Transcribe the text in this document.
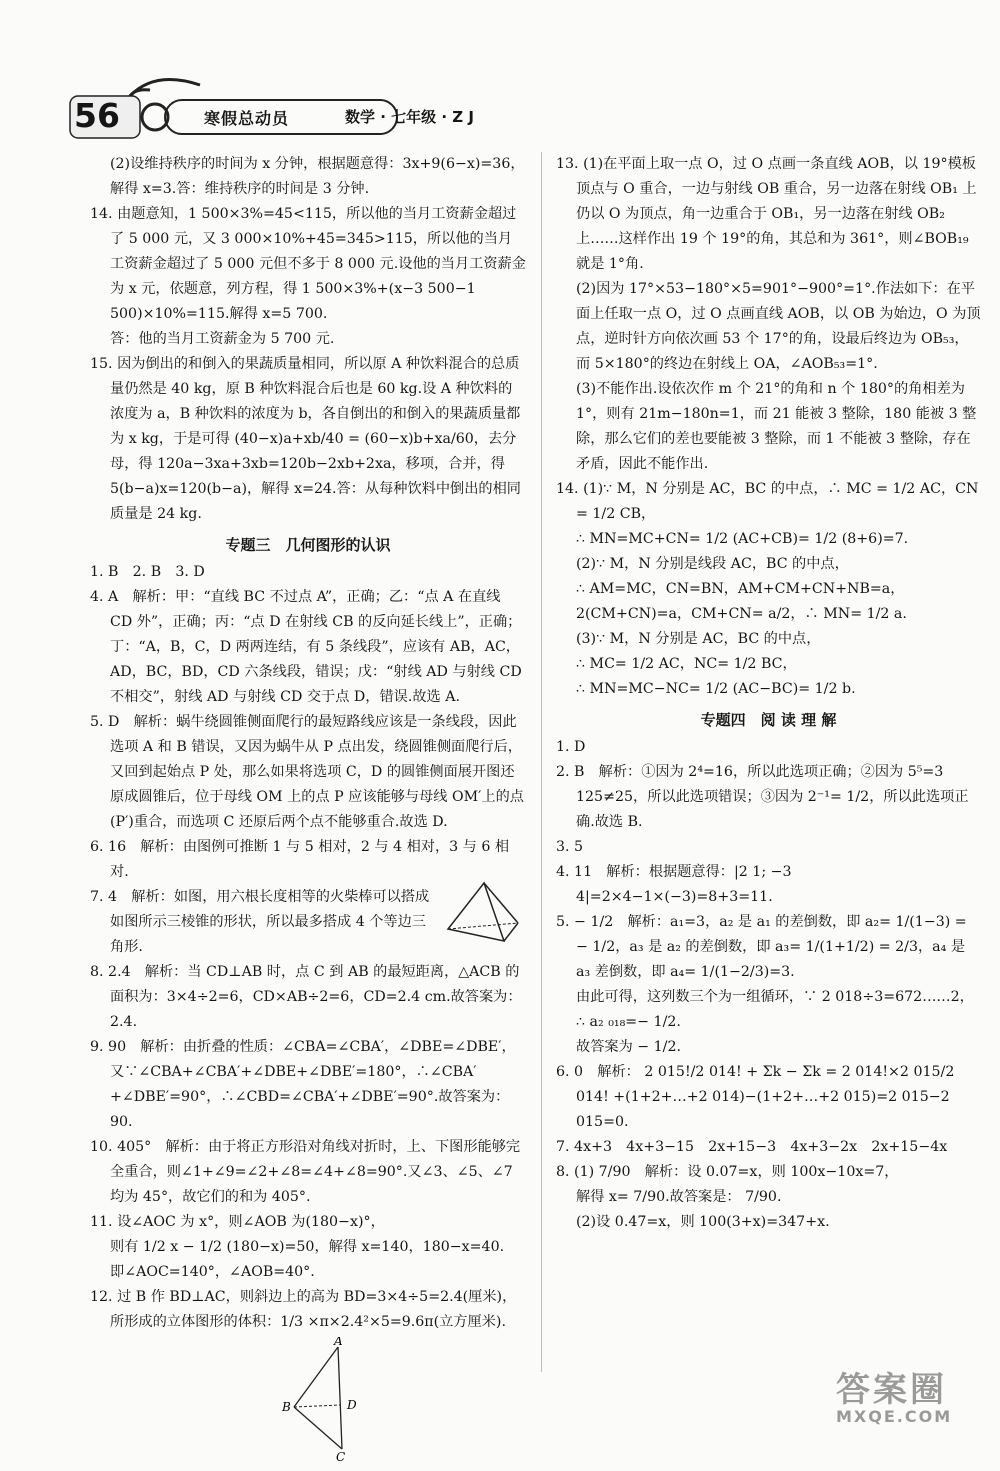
56	寒假总动员	数学 · 七年级 · Z J

(2)设维持秩序的时间为 x 分钟，根据题意得：3x+9(6−x)=36，解得 x=3.答：维持秩序的时间是 3 分钟.

14. 由题意知，1 500×3%=45<115，所以他的当月工资薪金超过了 5 000 元，又 3 000×10%+45=345>115，所以他的当月工资薪金超过了 5 000 元但不多于 8 000 元.设他的当月工资薪金为 x 元，依题意，列方程，得 1 500×3%+(x−3 500−1 500)×10%=115.解得 x=5 700.

答：他的当月工资薪金为 5 700 元.

15. 因为倒出的和倒入的果蔬质量相同，所以原 A 种饮料混合的总质量仍然是 40 kg，原 B 种饮料混合后也是 60 kg.设 A 种饮料的浓度为 a，B 种饮料的浓度为 b，各自倒出的和倒入的果蔬质量都为 x kg，于是可得 (40−x)a+xb/40 = (60−x)b+xa/60，去分母，得 120a−3xa+3xb=120b−2xb+2xa，移项，合并，得5(b−a)x=120(b−a)，解得 x=24.答：从每种饮料中倒出的相同质量是 24 kg.

专题三　几何图形的认识

1. B　2. B　3. D

4. A　解析：甲：“直线 BC 不过点 A”，正确；乙：“点 A 在直线 CD 外”，正确；丙：“点 D 在射线 CB 的反向延长线上”，正确；丁：“A，B，C，D 两两连结，有 5 条线段”，应该有 AB，AC，AD，BC，BD，CD 六条线段，错误；戊：“射线 AD 与射线 CD 不相交”，射线 AD 与射线 CD 交于点 D，错误.故选 A.

5. D　解析：蜗牛绕圆锥侧面爬行的最短路线应该是一条线段，因此选项 A 和 B 错误，又因为蜗牛从 P 点出发，绕圆锥侧面爬行后，又回到起始点 P 处，那么如果将选项 C，D 的圆锥侧面展开图还原成圆锥后，位于母线 OM 上的点 P 应该能够与母线 OM′上的点(P′)重合，而选项 C 还原后两个点不能够重合.故选 D.

6. 16　解析：由图例可推断 1 与 5 相对，2 与 4 相对，3 与 6 相对.

7. 4　解析：如图，用六根长度相等的火柴棒可以搭成如图所示三棱锥的形状，所以最多搭成 4 个等边三角形.

8. 2.4　解析：当 CD⊥AB 时，点 C 到 AB 的最短距离，△ACB 的面积为：3×4÷2=6，CD×AB÷2=6，CD=2.4 cm.故答案为：2.4.

9. 90　解析：由折叠的性质：∠CBA=∠CBA′，∠DBE=∠DBE′，又∵∠CBA+∠CBA′+∠DBE+∠DBE′=180°，∴∠CBA′+∠DBE′=90°，∴∠CBD=∠CBA′+∠DBE′=90°.故答案为：90.

10. 405°　解析：由于将正方形沿对角线对折时，上、下图形能够完全重合，则∠1+∠9=∠2+∠8=∠4+∠8=90°.又∠3、∠5、∠7 均为 45°，故它们的和为 405°.

11. 设∠AOC 为 x°，则∠AOB 为(180−x)°，

则有 1/2 x − 1/2 (180−x)=50，解得 x=140，180−x=40.

即∠AOC=140°，∠AOB=40°.

12. 过 B 作 BD⊥AC，则斜边上的高为 BD=3×4÷5=2.4(厘米)，所形成的立体图形的体积：1/3 ×π×2.4²×5=9.6π(立方厘米).

A
B	D
C

13. (1)在平面上取一点 O，过 O 点画一条直线 AOB，以 19°模板顶点与 O 重合，一边与射线 OB 重合，另一边落在射线 OB₁ 上仍以 O 为顶点，角一边重合于 OB₁，另一边落在射线 OB₂ 上……这样作出 19 个 19°的角，其总和为 361°，则∠BOB₁₉ 就是 1°角.

(2)因为 17°×53−180°×5=901°−900°=1°.作法如下：在平面上任取一点 O，过 O 点画直线 AOB，以 OB 为始边，O 为顶点，逆时针方向依次画 53 个 17°的角，设最后终边为 OB₅₃，而 5×180°的终边在射线上 OA，∠AOB₅₃=1°.

(3)不能作出.设依次作 m 个 21°的角和 n 个 180°的角相差为 1°，则有 21m−180n=1，而 21 能被 3 整除，180 能被 3 整除，那么它们的差也要能被 3 整除，而 1 不能被 3 整除，存在矛盾，因此不能作出.

14. (1)∵ M，N 分别是 AC，BC 的中点，∴ MC = 1/2 AC，CN = 1/2 CB，

∴ MN=MC+CN= 1/2 (AC+CB)= 1/2 (8+6)=7.

(2)∵ M，N 分别是线段 AC，BC 的中点，

∴ AM=MC，CN=BN，AM+CM+CN+NB=a，

2(CM+CN)=a，CM+CN= a/2，∴ MN= 1/2 a.

(3)∵ M，N 分别是 AC，BC 的中点，

∴ MC= 1/2 AC，NC= 1/2 BC，

∴ MN=MC−NC= 1/2 (AC−BC)= 1/2 b.

专题四　阅 读 理 解

1. D

2. B　解析：①因为 2⁴=16，所以此选项正确；②因为 5⁵=3 125≠25，所以此选项错误；③因为 2⁻¹= 1/2，所以此选项正确.故选 B.

3. 5

4. 11　解析：根据题意得：|2 1; −3 4|=2×4−1×(−3)=8+3=11.

5. − 1/2　解析：a₁=3，a₂ 是 a₁ 的差倒数，即 a₂= 1/(1−3) = − 1/2，a₃ 是 a₂ 的差倒数，即 a₃= 1/(1+1/2) = 2/3，a₄ 是 a₃ 差倒数，即 a₄= 1/(1−2/3)=3.

由此可得，这列数三个为一组循环，∵ 2 018÷3=672……2，

∴ a₂ ₀₁₈=− 1/2.

故答案为 − 1/2.

6. 0　解析： 2 015!/2 014! + Σk − Σk = 2 014!×2 015/2 014! +(1+2+…+2 014)−(1+2+…+2 015)=2 015−2 015=0.

7. 4x+3　4x+3−15　2x+15−3　4x+3−2x　2x+15−4x

8. (1) 7/90　解析：设 0.07̇=x，则 100x−10x=7，

解得 x= 7/90.故答案是： 7/90.

(2)设 0.4̇7̇=x，则 100(3+x)=347+x.

答案圈
MXQE.COM
